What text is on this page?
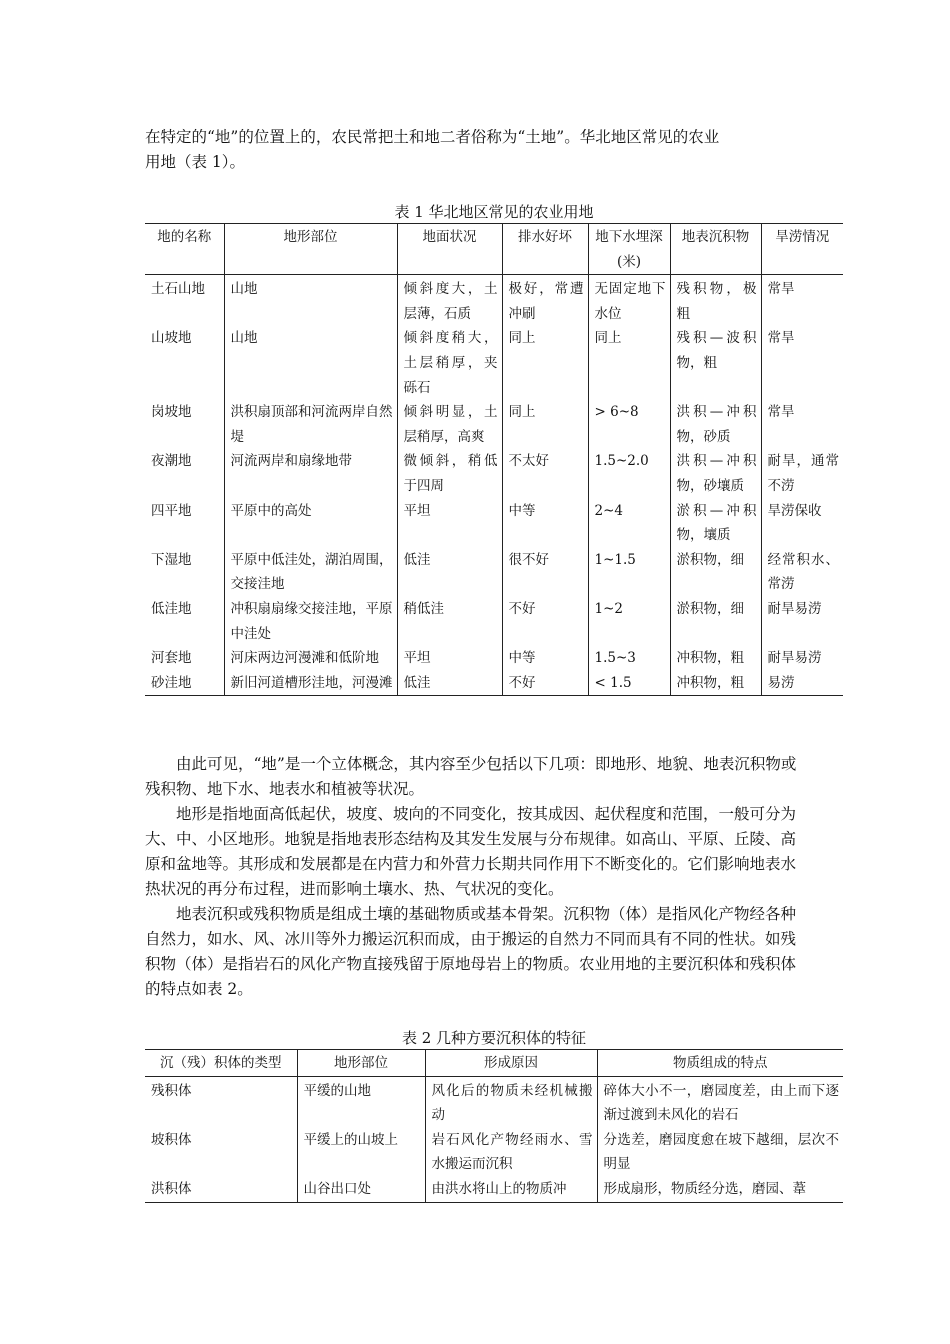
在特定的“地”的位置上的，农民常把土和地二者俗称为“土地”。华北地区常见的农业

用地（表 1）。

表 1 华北地区常见的农业用地
地的名称	地形部位	地面状况	排水好坏	地下水埋深(米)	地表沉积物	旱涝情况
土石山地	山地	倾斜度大，土层薄，石质	极好，常遭冲刷	无固定地下水位	残积物，极粗	常旱
山坡地	山地	倾斜度稍大，土层稍厚，夹砾石	同上	同上	残积—波积物，粗	常旱
岗坡地	洪积扇顶部和河流两岸自然堤	倾斜明显，土层稍厚，高爽	同上	> 6~8	洪积—冲积物，砂质	常旱
夜潮地	河流两岸和扇缘地带	微倾斜，稍低于四周	不太好	1.5~2.0	洪积—冲积物，砂壤质	耐旱，通常不涝
四平地	平原中的高处	平坦	中等	2~4	淤积—冲积物，壤质	旱涝保收
下湿地	平原中低洼处，湖泊周围，交接洼地	低洼	很不好	1~1.5	淤积物，细	经常积水、常涝
低洼地	冲积扇扇缘交接洼地，平原中洼处	稍低洼	不好	1~2	淤积物，细	耐旱易涝
河套地	河床两边河漫滩和低阶地	平坦	中等	1.5~3	冲积物，粗	耐旱易涝
砂洼地	新旧河道槽形洼地，河漫滩	低洼	不好	< 1.5	冲积物，粗	易涝

由此可见，“地”是一个立体概念，其内容至少包括以下几项：即地形、地貌、地表沉积物或残积物、地下水、地表水和植被等状况。

地形是指地面高低起伏，坡度、坡向的不同变化，按其成因、起伏程度和范围，一般可分为大、中、小区地形。地貌是指地表形态结构及其发生发展与分布规律。如高山、平原、丘陵、高原和盆地等。其形成和发展都是在内营力和外营力长期共同作用下不断变化的。它们影响地表水热状况的再分布过程，进而影响土壤水、热、气状况的变化。

地表沉积或残积物质是组成土壤的基础物质或基本骨架。沉积物（体）是指风化产物经各种自然力，如水、风、冰川等外力搬运沉积而成，由于搬运的自然力不同而具有不同的性状。如残积物（体）是指岩石的风化产物直接残留于原地母岩上的物质。农业用地的主要沉积体和残积体的特点如表 2。

表 2 几种方要沉积体的特征
沉（残）积体的类型	地形部位	形成原因	物质组成的特点
残积体	平缓的山地	风化后的物质未经机械搬动	碎体大小不一，磨园度差，由上而下逐渐过渡到未风化的岩石
坡积体	平缓上的山坡上	岩石风化产物经雨水、雪水搬运而沉积	分选差，磨园度愈在坡下越细，层次不明显
洪积体	山谷出口处	由洪水将山上的物质冲	形成扇形，物质经分选，磨园、葦
